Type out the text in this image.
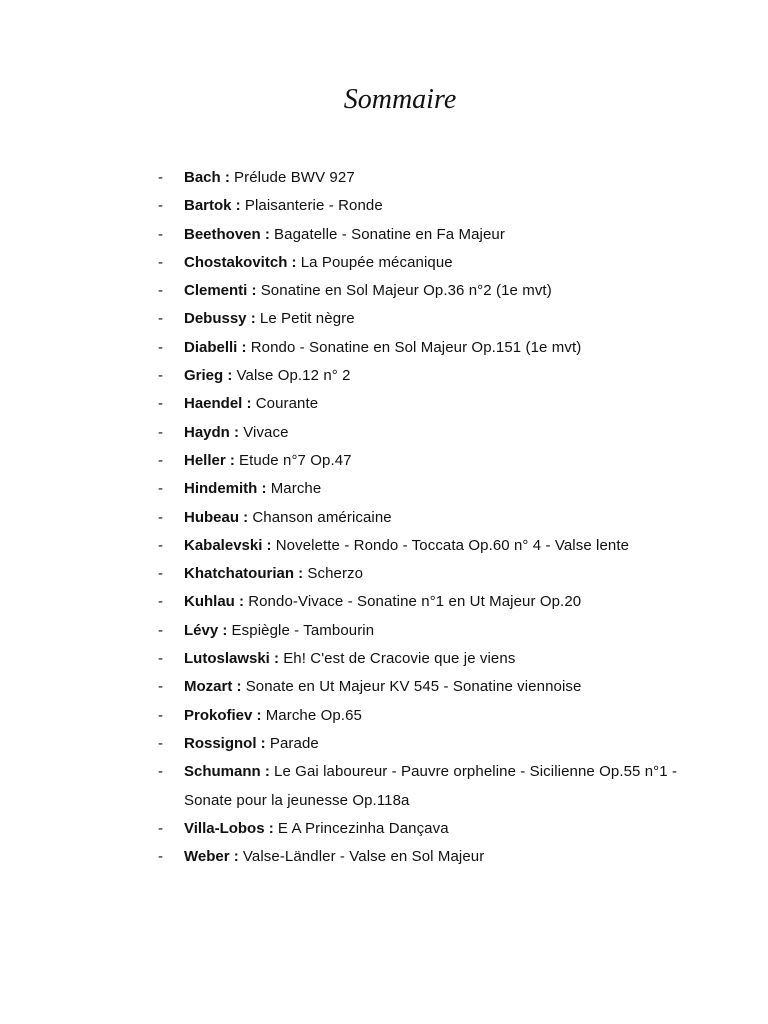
Sommaire
- Bach : Prélude BWV 927
- Bartok : Plaisanterie - Ronde
- Beethoven : Bagatelle - Sonatine en Fa Majeur
- Chostakovitch : La Poupée mécanique
- Clementi : Sonatine en Sol Majeur Op.36 n°2 (1e mvt)
- Debussy : Le Petit nègre
- Diabelli : Rondo - Sonatine en Sol Majeur Op.151 (1e mvt)
- Grieg : Valse Op.12 n° 2
- Haendel : Courante
- Haydn : Vivace
- Heller : Etude n°7 Op.47
- Hindemith : Marche
- Hubeau : Chanson américaine
- Kabalevski : Novelette - Rondo - Toccata Op.60 n° 4 - Valse lente
- Khatchatourian : Scherzo
- Kuhlau : Rondo-Vivace - Sonatine n°1 en Ut Majeur Op.20
- Lévy : Espiègle - Tambourin
- Lutoslawski : Eh! C'est de Cracovie que je viens
- Mozart : Sonate en Ut Majeur KV 545 - Sonatine viennoise
- Prokofiev : Marche Op.65
- Rossignol : Parade
- Schumann : Le Gai laboureur - Pauvre orpheline - Sicilienne Op.55 n°1 - Sonate pour la jeunesse Op.118a
- Villa-Lobos : E A Princezinha Dançava
- Weber : Valse-Ländler - Valse en Sol Majeur
